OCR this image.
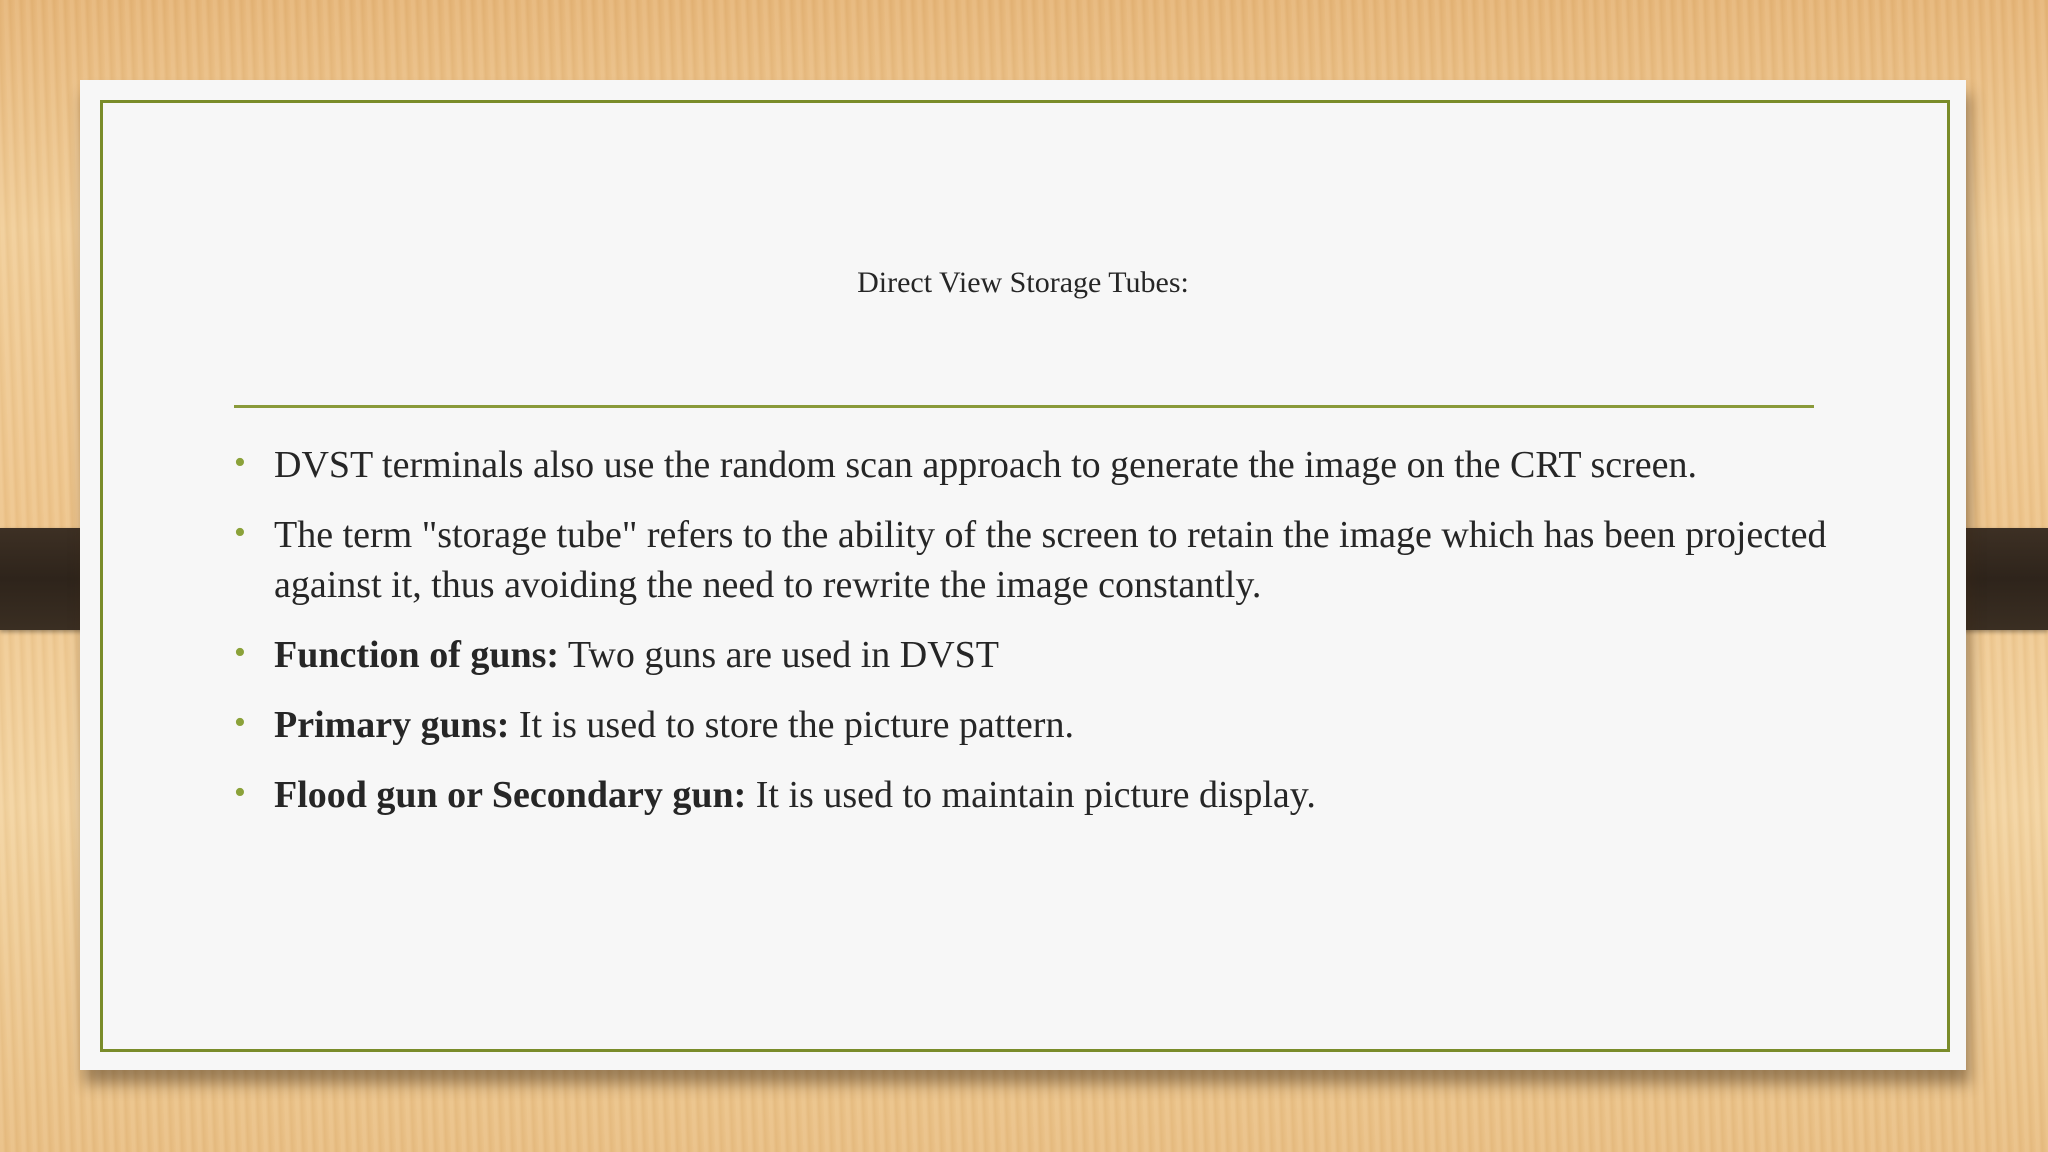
Direct View Storage Tubes:
• DVST terminals also use the random scan approach to generate the image on the CRT screen.
• The term "storage tube" refers to the ability of the screen to retain the image which has been projected against it, thus avoiding the need to rewrite the image constantly.
• Function of guns: Two guns are used in DVST
• Primary guns: It is used to store the picture pattern.
• Flood gun or Secondary gun: It is used to maintain picture display.
